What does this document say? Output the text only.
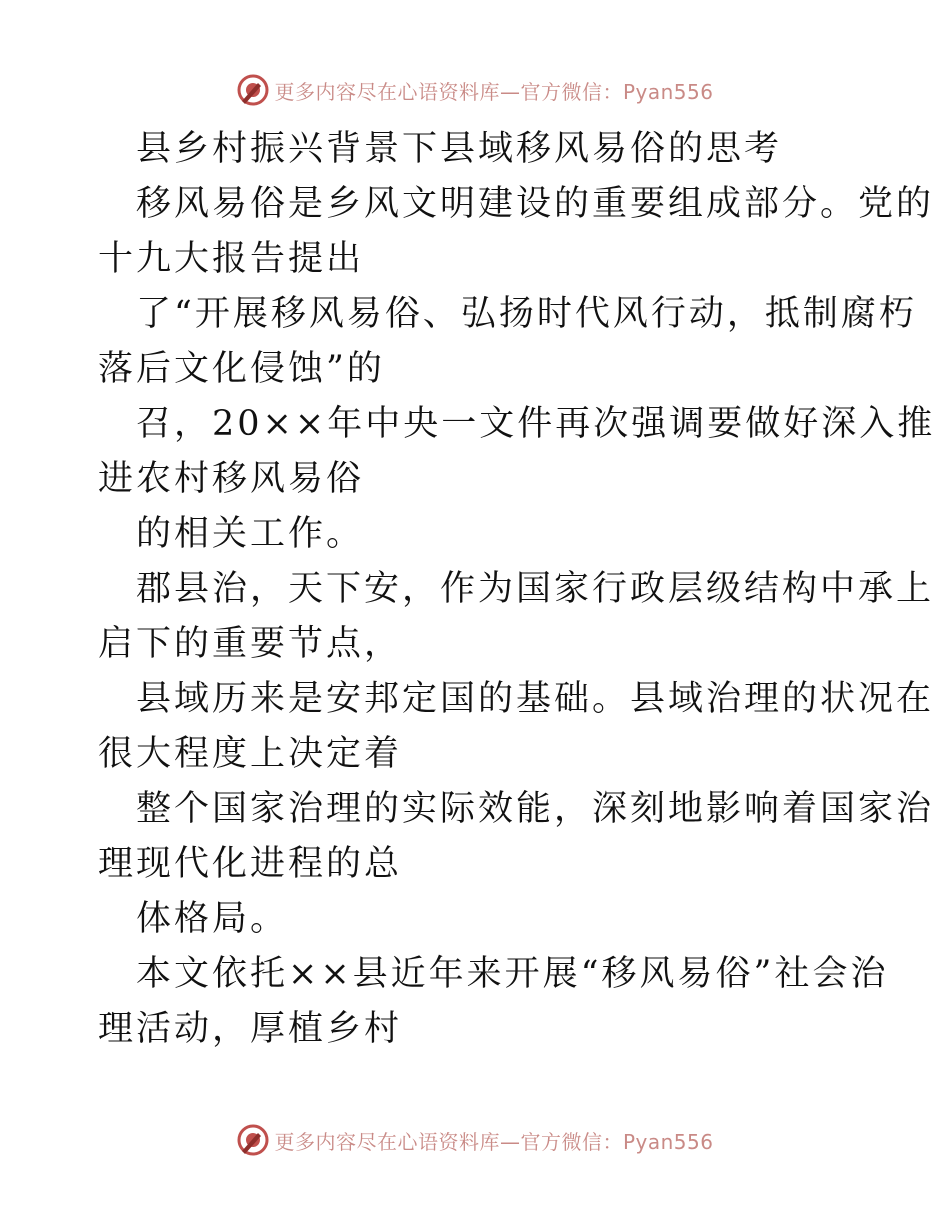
更多内容尽在心语资料库—官方微信：Pyan556
县乡村振兴背景下县域移风易俗的思考
移风易俗是乡风文明建设的重要组成部分。党的
十九大报告提出
了“开展移风易俗、弘扬时代风行动，抵制腐朽
落后文化侵蚀”的
召，20××年中央一文件再次强调要做好深入推
进农村移风易俗
的相关工作。
郡县治，天下安，作为国家行政层级结构中承上
启下的重要节点，
县域历来是安邦定国的基础。县域治理的状况在
很大程度上决定着
整个国家治理的实际效能，深刻地影响着国家治
理现代化进程的总
体格局。
本文依托××县近年来开展“移风易俗”社会治
理活动，厚植乡村
更多内容尽在心语资料库—官方微信：Pyan556
